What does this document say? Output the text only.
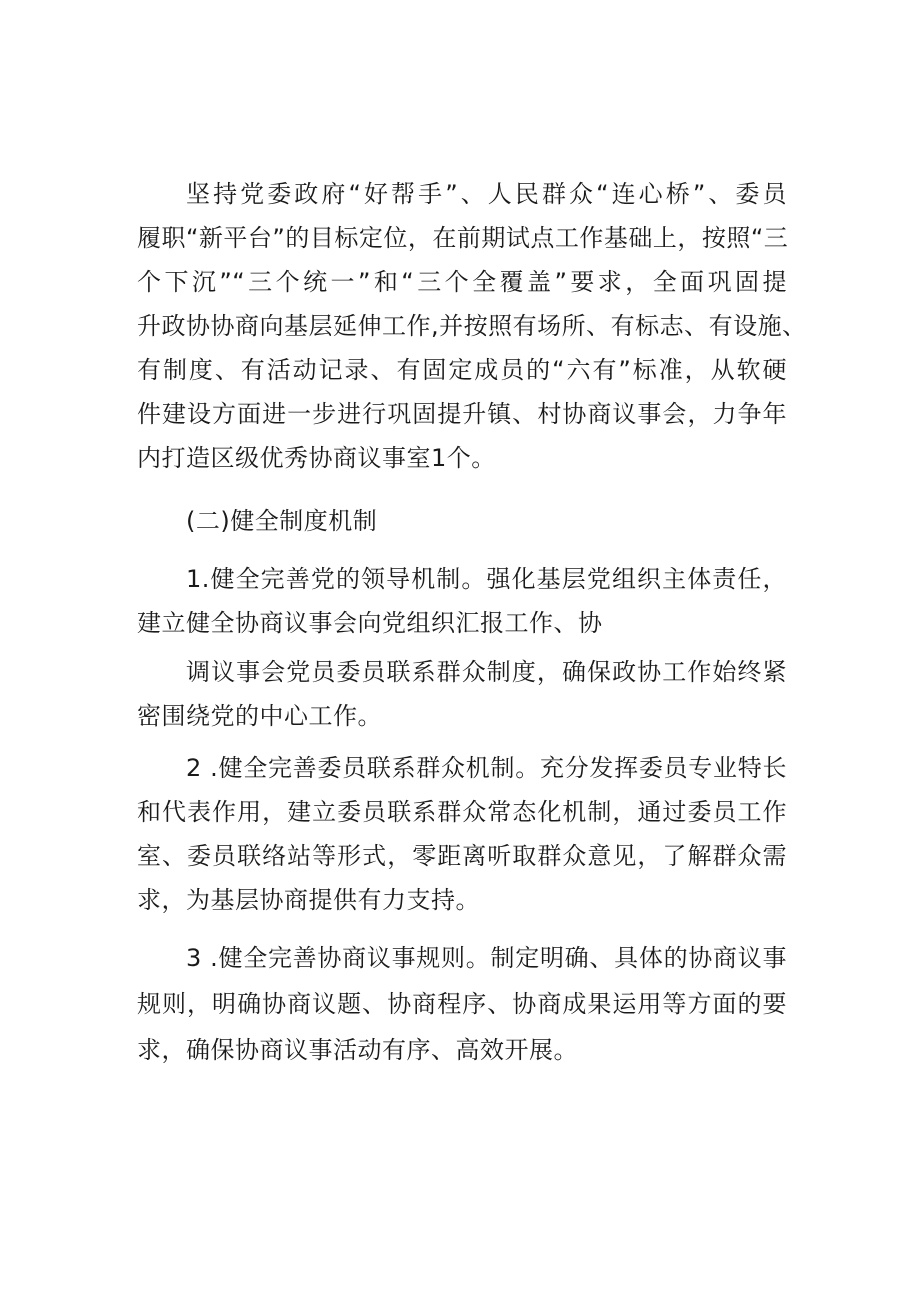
坚持党委政府“好帮手”、人民群众“连心桥”、委员
履职“新平台”的目标定位，在前期试点工作基础上，按照“三
个下沉”“三个统一”和“三个全覆盖”要求，全面巩固提
升政协协商向基层延伸工作,并按照有场所、有标志、有设施、
有制度、有活动记录、有固定成员的“六有”标准，从软硬
件建设方面进一步进行巩固提升镇、村协商议事会，力争年
内打造区级优秀协商议事室1个。
(二)健全制度机制
1.健全完善党的领导机制。强化基层党组织主体责任，
建立健全协商议事会向党组织汇报工作、协
调议事会党员委员联系群众制度，确保政协工作始终紧
密围绕党的中心工作。
2 .健全完善委员联系群众机制。充分发挥委员专业特长
和代表作用，建立委员联系群众常态化机制，通过委员工作
室、委员联络站等形式，零距离听取群众意见，了解群众需
求，为基层协商提供有力支持。
3 .健全完善协商议事规则。制定明确、具体的协商议事
规则，明确协商议题、协商程序、协商成果运用等方面的要
求，确保协商议事活动有序、高效开展。
